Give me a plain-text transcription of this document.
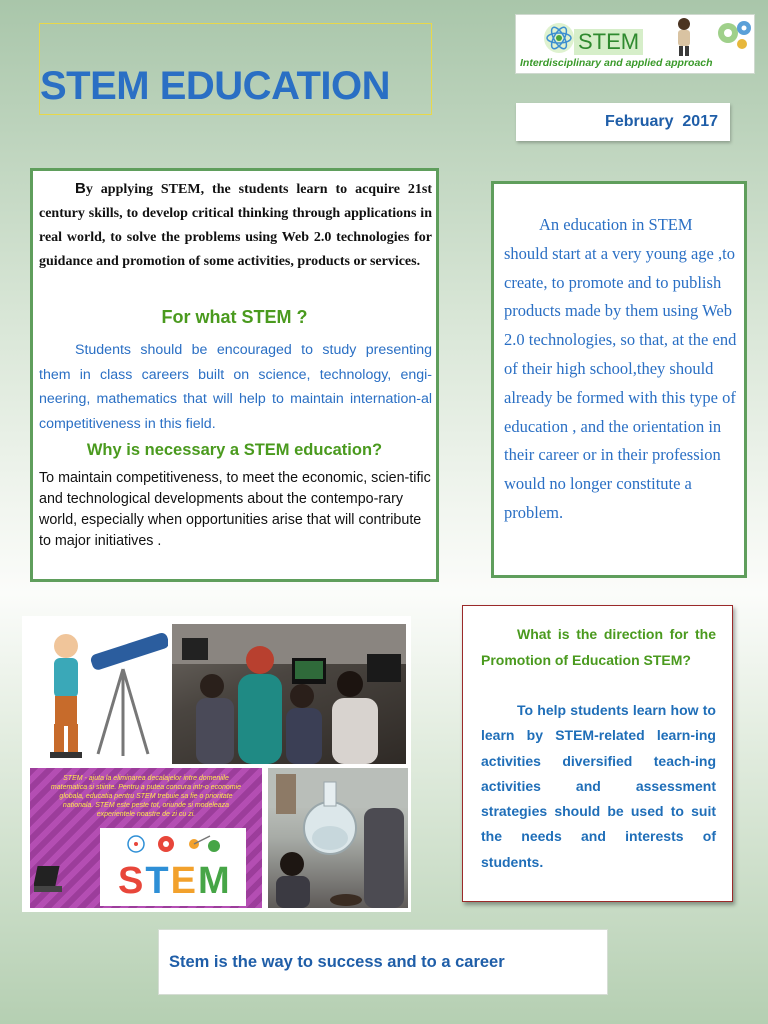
STEM EDUCATION
STEM
Interdisciplinary and applied approach
February  2017

By applying STEM, the students learn to acquire 21st century skills, to develop critical thinking through applications in real world, to solve the problems using Web 2.0 technologies for guidance and promotion of some activities, products or services.

For what STEM ?

Students should be encouraged to study presenting them in class careers built on science, technology, engi-neering, mathematics that will help to maintain internation-al competitiveness in this field.

Why is necessary a STEM education?

To maintain competitiveness, to meet the economic, scien-tific and technological developments about the contempo-rary world, especially when opportunities arise that will contribute to major initiatives .

An education in STEM should start at a very young age ,to create, to promote and to publish products made by them using Web 2.0 technologies, so that, at the end of their high school,they should already be formed with this type of education , and the orientation in their career or in their profession would no longer constitute a problem.

STEM - ajuta la eliminarea decalajelor intre domeniile matematica si stiinte. Pentru a putea concura intr-o economie globala, educatia pentru STEM trebuie sa fie o prioritate nationala. STEM este peste tot, oriunde si modeleaza experientele noastre de zi cu zi.

STEM

What is the direction for the Promotion of Education STEM?

To help students learn how to learn by STEM-related learn-ing activities diversified teach-ing activities and assessment strategies should be used to suit the needs and interests of students.

Stem is the way to success and to a career
